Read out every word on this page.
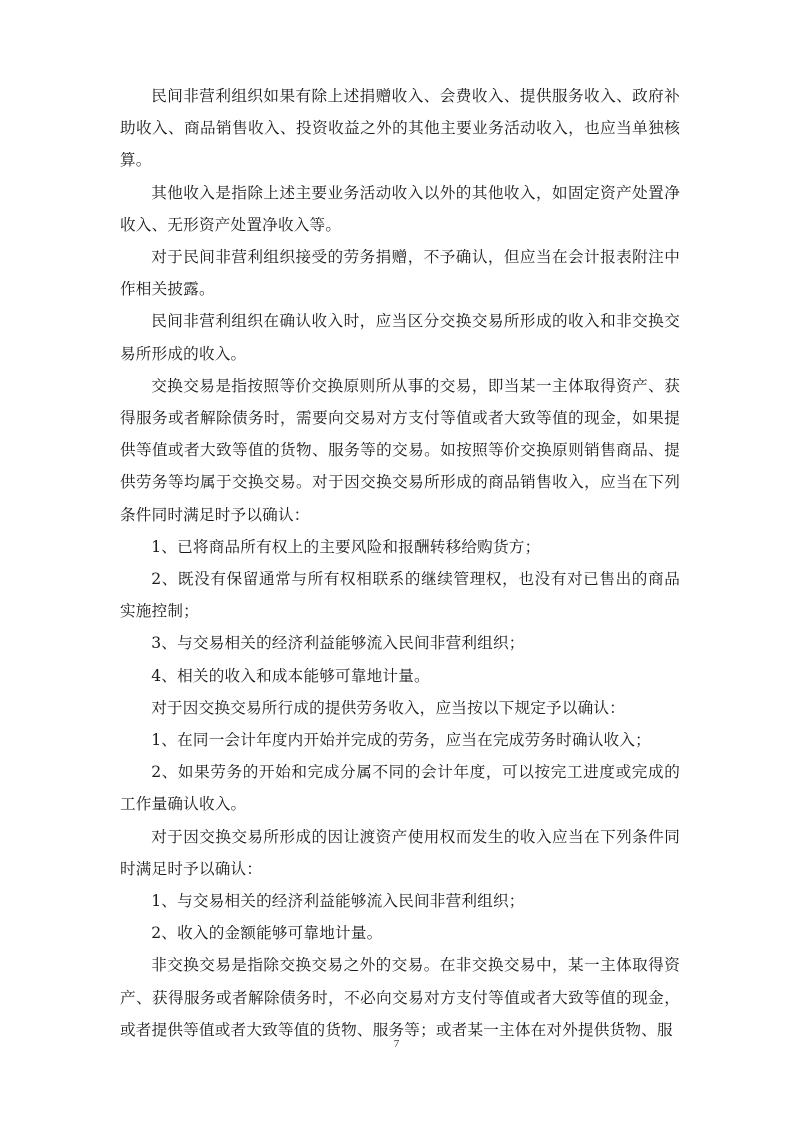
民间非营利组织如果有除上述捐赠收入、会费收入、提供服务收入、政府补助收入、商品销售收入、投资收益之外的其他主要业务活动收入，也应当单独核算。

其他收入是指除上述主要业务活动收入以外的其他收入，如固定资产处置净收入、无形资产处置净收入等。

对于民间非营利组织接受的劳务捐赠，不予确认，但应当在会计报表附注中作相关披露。

民间非营利组织在确认收入时，应当区分交换交易所形成的收入和非交换交易所形成的收入。

交换交易是指按照等价交换原则所从事的交易，即当某一主体取得资产、获得服务或者解除债务时，需要向交易对方支付等值或者大致等值的现金，如果提供等值或者大致等值的货物、服务等的交易。如按照等价交换原则销售商品、提供劳务等均属于交换交易。对于因交换交易所形成的商品销售收入，应当在下列条件同时满足时予以确认：

1、已将商品所有权上的主要风险和报酬转移给购货方；

2、既没有保留通常与所有权相联系的继续管理权，也没有对已售出的商品实施控制；

3、与交易相关的经济利益能够流入民间非营利组织；

4、相关的收入和成本能够可靠地计量。

对于因交换交易所行成的提供劳务收入，应当按以下规定予以确认：

1、在同一会计年度内开始并完成的劳务，应当在完成劳务时确认收入；

2、如果劳务的开始和完成分属不同的会计年度，可以按完工进度或完成的工作量确认收入。

对于因交换交易所形成的因让渡资产使用权而发生的收入应当在下列条件同时满足时予以确认：

1、与交易相关的经济利益能够流入民间非营利组织；

2、收入的金额能够可靠地计量。

非交换交易是指除交换交易之外的交易。在非交换交易中，某一主体取得资产、获得服务或者解除债务时，不必向交易对方支付等值或者大致等值的现金，或者提供等值或者大致等值的货物、服务等；或者某一主体在对外提供货物、服

7
